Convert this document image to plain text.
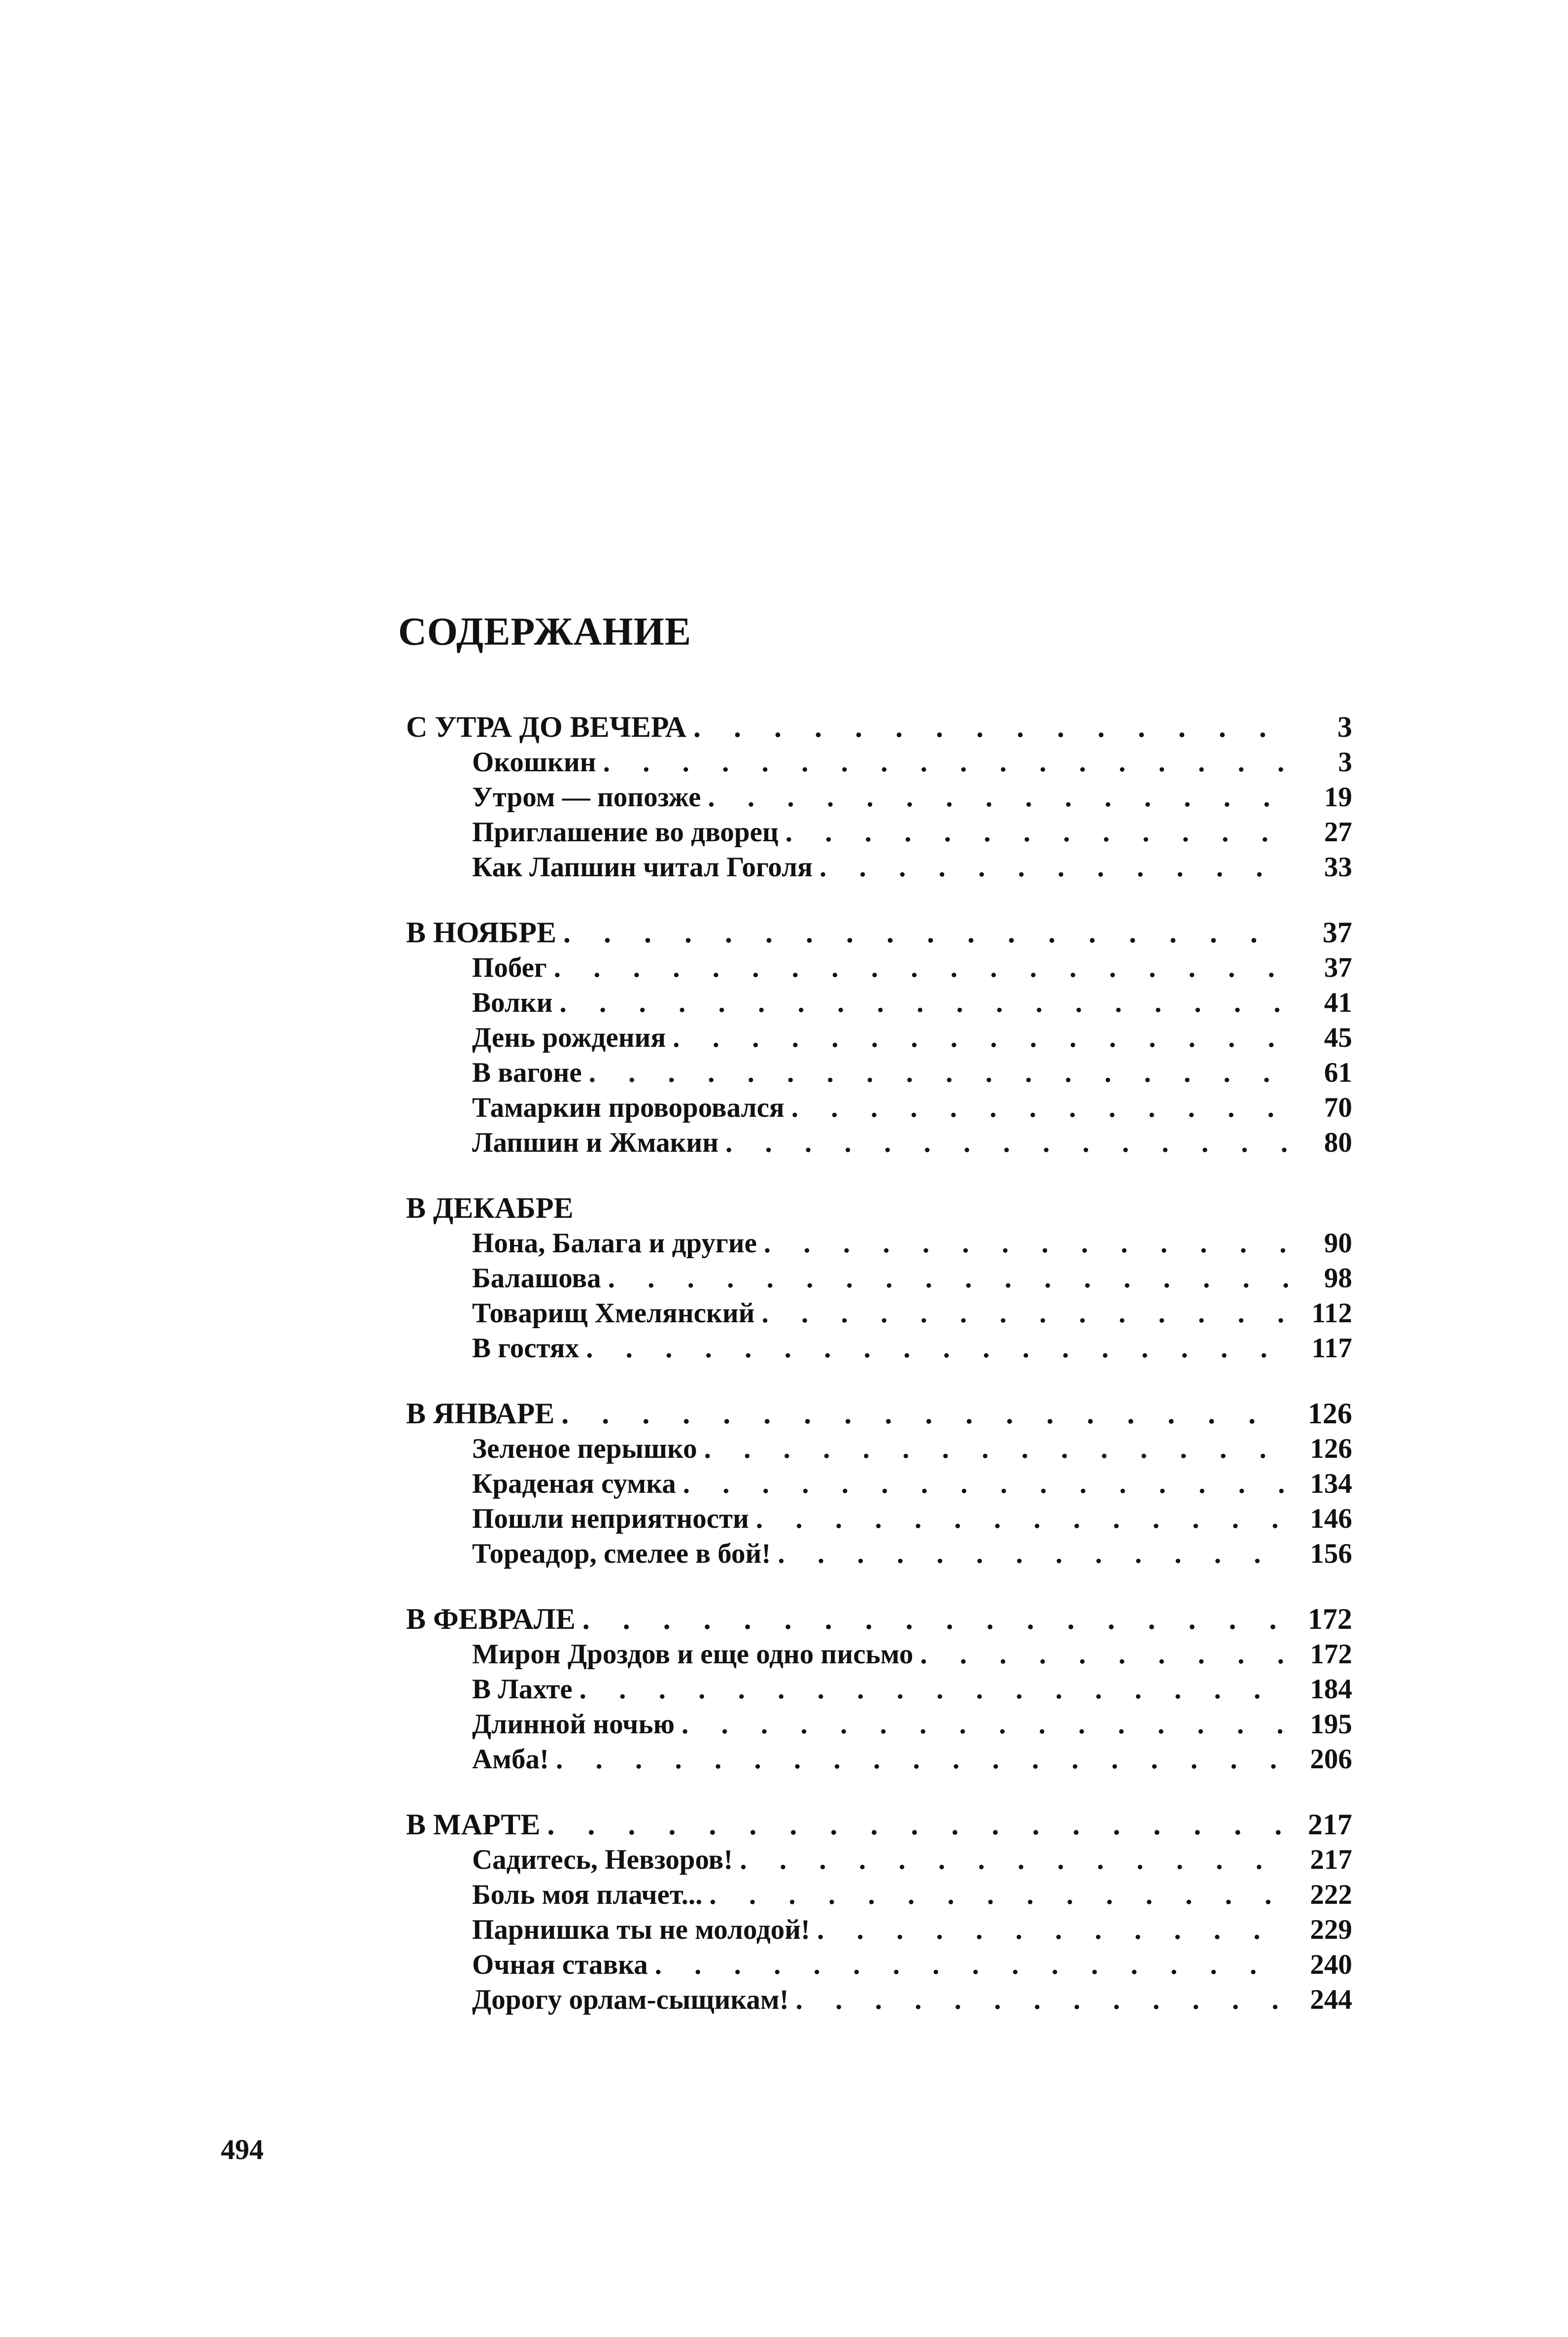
СОДЕРЖАНИЕ
С УТРА ДО ВЕЧЕРА . . .	3
Окошкин . . .	3
Утром — попозже . . .	19
Приглашение во дворец . . .	27
Как Лапшин читал Гоголя . . .	33
В НОЯБРЕ . . .	37
Побег . . .	37
Волки . . .	41
День рождения . . .	45
В вагоне . . .	61
Тамаркин проворовался . . .	70
Лапшин и Жмакин . . .	80
В ДЕКАБРЕ
Нона, Балага и другие . . .	90
Балашова . . .	98
Товарищ Хмелянский . . .	112
В гостях . . .	117
В ЯНВАРЕ . . .	126
Зеленое перышко . . .	126
Краденая сумка . . .	134
Пошли неприятности . . .	146
Тореадор, смелее в бой! . . .	156
В ФЕВРАЛЕ . . .	172
Мирон Дроздов и еще одно письмо . . .	172
В Лахте . . .	184
Длинной ночью . . .	195
Амба! . . .	206
В МАРТЕ . . .	217
Садитесь, Невзоров! . . .	217
Боль моя плачет... . . .	222
Парнишка ты не молодой! . . .	229
Очная ставка . . .	240
Дорогу орлам-сыщикам! . . .	244
494
